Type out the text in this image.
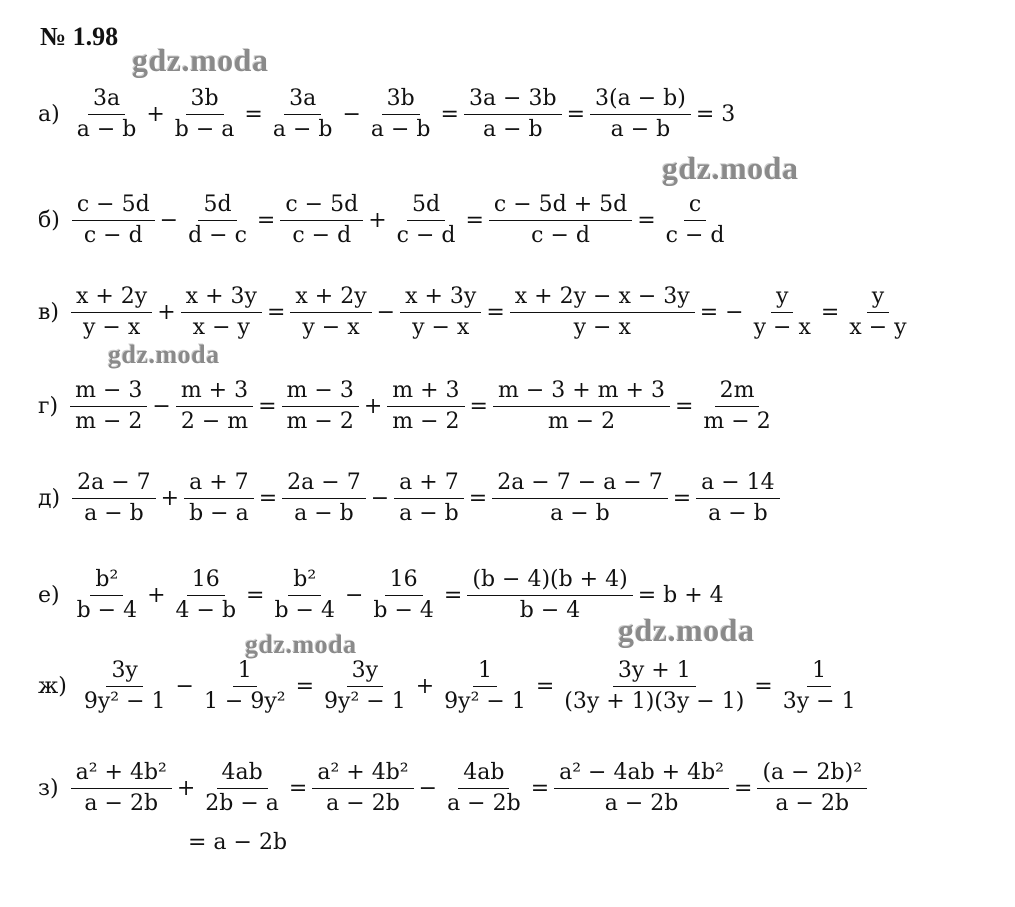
№ 1.98
gdz.moda
gdz.moda
gdz.moda
gdz.moda	gdz.moda
$а) \frac{3a}{a - b} + \frac{3b}{b - a} = \frac{3a}{a - b} - \frac{3b}{a - b} = \frac{3a - 3b}{a - b} = \frac{3(a - b)}{a - b} = 3$
$б) \frac{c - 5d}{c - d} - \frac{5d}{d - c} = \frac{c - 5d}{c - d} + \frac{5d}{c - d} = \frac{c - 5d + 5d}{c - d} = \frac{c}{c - d}$
$в) \frac{x + 2y}{y - x} + \frac{x + 3y}{x - y} = \frac{x + 2y}{y - x} - \frac{x + 3y}{y - x} = \frac{x + 2y - x - 3y}{y - x}$ = − $\frac{y}{y - x} = \frac{y}{x - y}$
$г) \frac{m - 3}{m - 2} - \frac{m + 3}{2 - m} = \frac{m - 3}{m - 2} + \frac{m + 3}{m - 2} = \frac{m - 3 + m + 3}{m - 2} = \frac{2m}{m - 2}$
$д) \frac{2a - 7}{a - b} + \frac{a + 7}{b - a} = \frac{2a - 7}{a - b} - \frac{a + 7}{a - b} = \frac{2a - 7 - a - 7}{a - b} = \frac{a - 14}{a - b}$
$е) \frac{\text{b²}}{b - 4} + \frac{16}{4 - b} = \frac{\text{b²}}{b - 4} - \frac{16}{b - 4} = \frac{(b - 4)(b + 4)}{b - 4} = b + 4$
$ж) \frac{3y}{\text{9y² − 1}} - \frac{1}{\text{1 − 9y²}} = \frac{3y}{\text{9y² − 1}} + \frac{1}{\text{9y² − 1}} = \frac{3y + 1}{(3y + 1)(3y - 1)} = \frac{1}{3y - 1}$
$з) \frac{\text{a² + 4b²}}{a - 2b} + \frac{4ab}{2b - a} = \frac{\text{a² + 4b²}}{a - 2b} - \frac{4ab}{a - 2b} = \frac{\text{a² − 4ab + 4b²}}{a - 2b} = \frac{\text{(a − 2b)²}}{a - 2b}$
= a − 2b
